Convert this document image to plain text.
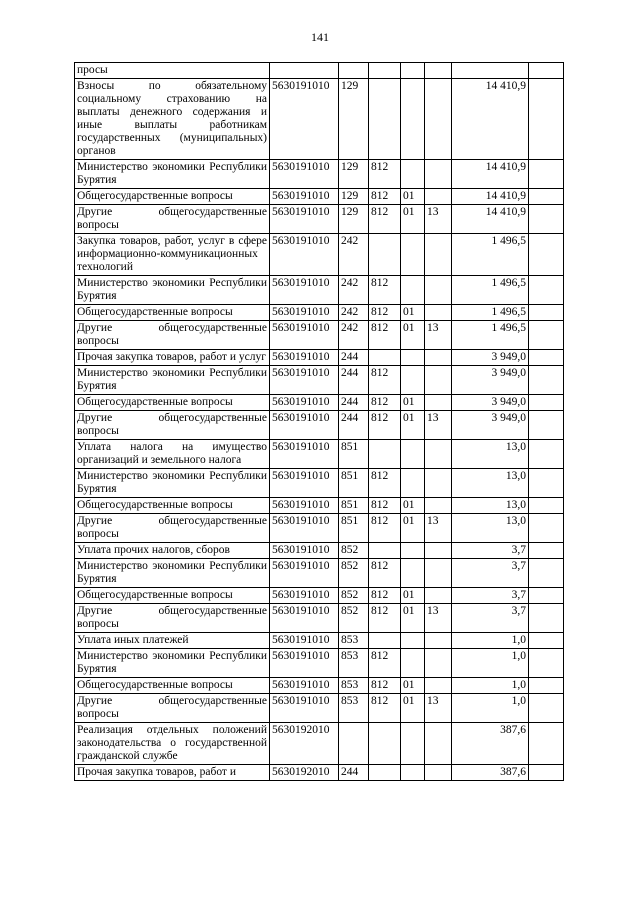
141
просы							
Взносы по обязательному социальному страхованию на выплаты денежного содержания и иные выплаты работникам государственных (муниципальных) органов	5630191010	129				14 410,9	
Министерство экономики Республики Бурятия	5630191010	129	812			14 410,9	
Общегосударственные вопросы	5630191010	129	812	01		14 410,9	
Другие общегосударственные вопросы	5630191010	129	812	01	13	14 410,9	
Закупка товаров, работ, услуг в сфере информационно-коммуникационных технологий	5630191010	242				1 496,5	
Министерство экономики Республики Бурятия	5630191010	242	812			1 496,5	
Общегосударственные вопросы	5630191010	242	812	01		1 496,5	
Другие общегосударственные вопросы	5630191010	242	812	01	13	1 496,5	
Прочая закупка товаров, работ и услуг	5630191010	244				3 949,0	
Министерство экономики Республики Бурятия	5630191010	244	812			3 949,0	
Общегосударственные вопросы	5630191010	244	812	01		3 949,0	
Другие общегосударственные вопросы	5630191010	244	812	01	13	3 949,0	
Уплата налога на имущество организаций и земельного налога	5630191010	851				13,0	
Министерство экономики Республики Бурятия	5630191010	851	812			13,0	
Общегосударственные вопросы	5630191010	851	812	01		13,0	
Другие общегосударственные вопросы	5630191010	851	812	01	13	13,0	
Уплата прочих налогов, сборов	5630191010	852				3,7	
Министерство экономики Республики Бурятия	5630191010	852	812			3,7	
Общегосударственные вопросы	5630191010	852	812	01		3,7	
Другие общегосударственные вопросы	5630191010	852	812	01	13	3,7	
Уплата иных платежей	5630191010	853				1,0	
Министерство экономики Республики Бурятия	5630191010	853	812			1,0	
Общегосударственные вопросы	5630191010	853	812	01		1,0	
Другие общегосударственные вопросы	5630191010	853	812	01	13	1,0	
Реализация отдельных положений законодательства о государственной гражданской службе	5630192010					387,6	
Прочая закупка товаров, работ и	5630192010	244				387,6	
